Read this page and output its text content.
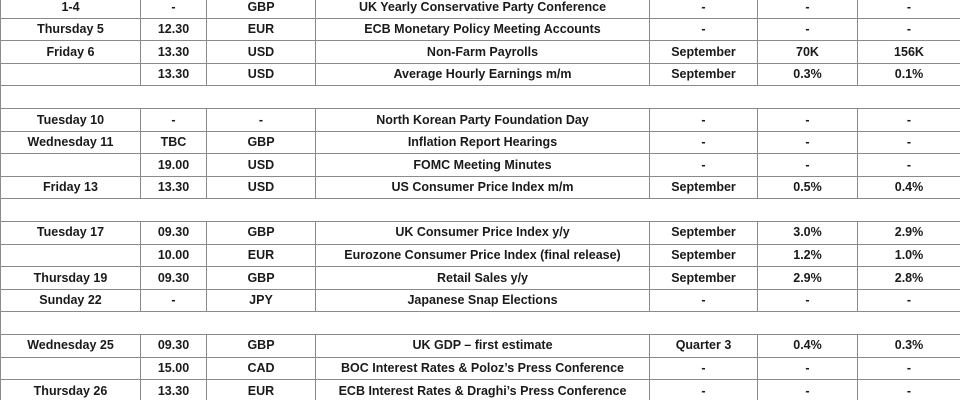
1-4	-	GBP	UK Yearly Conservative Party Conference	-	-	-
Thursday 5	12.30	EUR	ECB Monetary Policy Meeting Accounts	-	-	-
Friday 6	13.30	USD	Non-Farm Payrolls	September	70K	156K
	13.30	USD	Average Hourly Earnings m/m	September	0.3%	0.1%

Tuesday 10	-	-	North Korean Party Foundation Day	-	-	-
Wednesday 11	TBC	GBP	Inflation Report Hearings	-	-	-
	19.00	USD	FOMC Meeting Minutes	-	-	-
Friday 13	13.30	USD	US Consumer Price Index m/m	September	0.5%	0.4%

Tuesday 17	09.30	GBP	UK Consumer Price Index y/y	September	3.0%	2.9%
	10.00	EUR	Eurozone Consumer Price Index (final release)	September	1.2%	1.0%
Thursday 19	09.30	GBP	Retail Sales y/y	September	2.9%	2.8%
Sunday 22	-	JPY	Japanese Snap Elections	-	-	-

Wednesday 25	09.30	GBP	UK GDP – first estimate	Quarter 3	0.4%	0.3%
	15.00	CAD	BOC Interest Rates & Poloz’s Press Conference	-	-	-
Thursday 26	13.30	EUR	ECB Interest Rates & Draghi’s Press Conference	-	-	-
